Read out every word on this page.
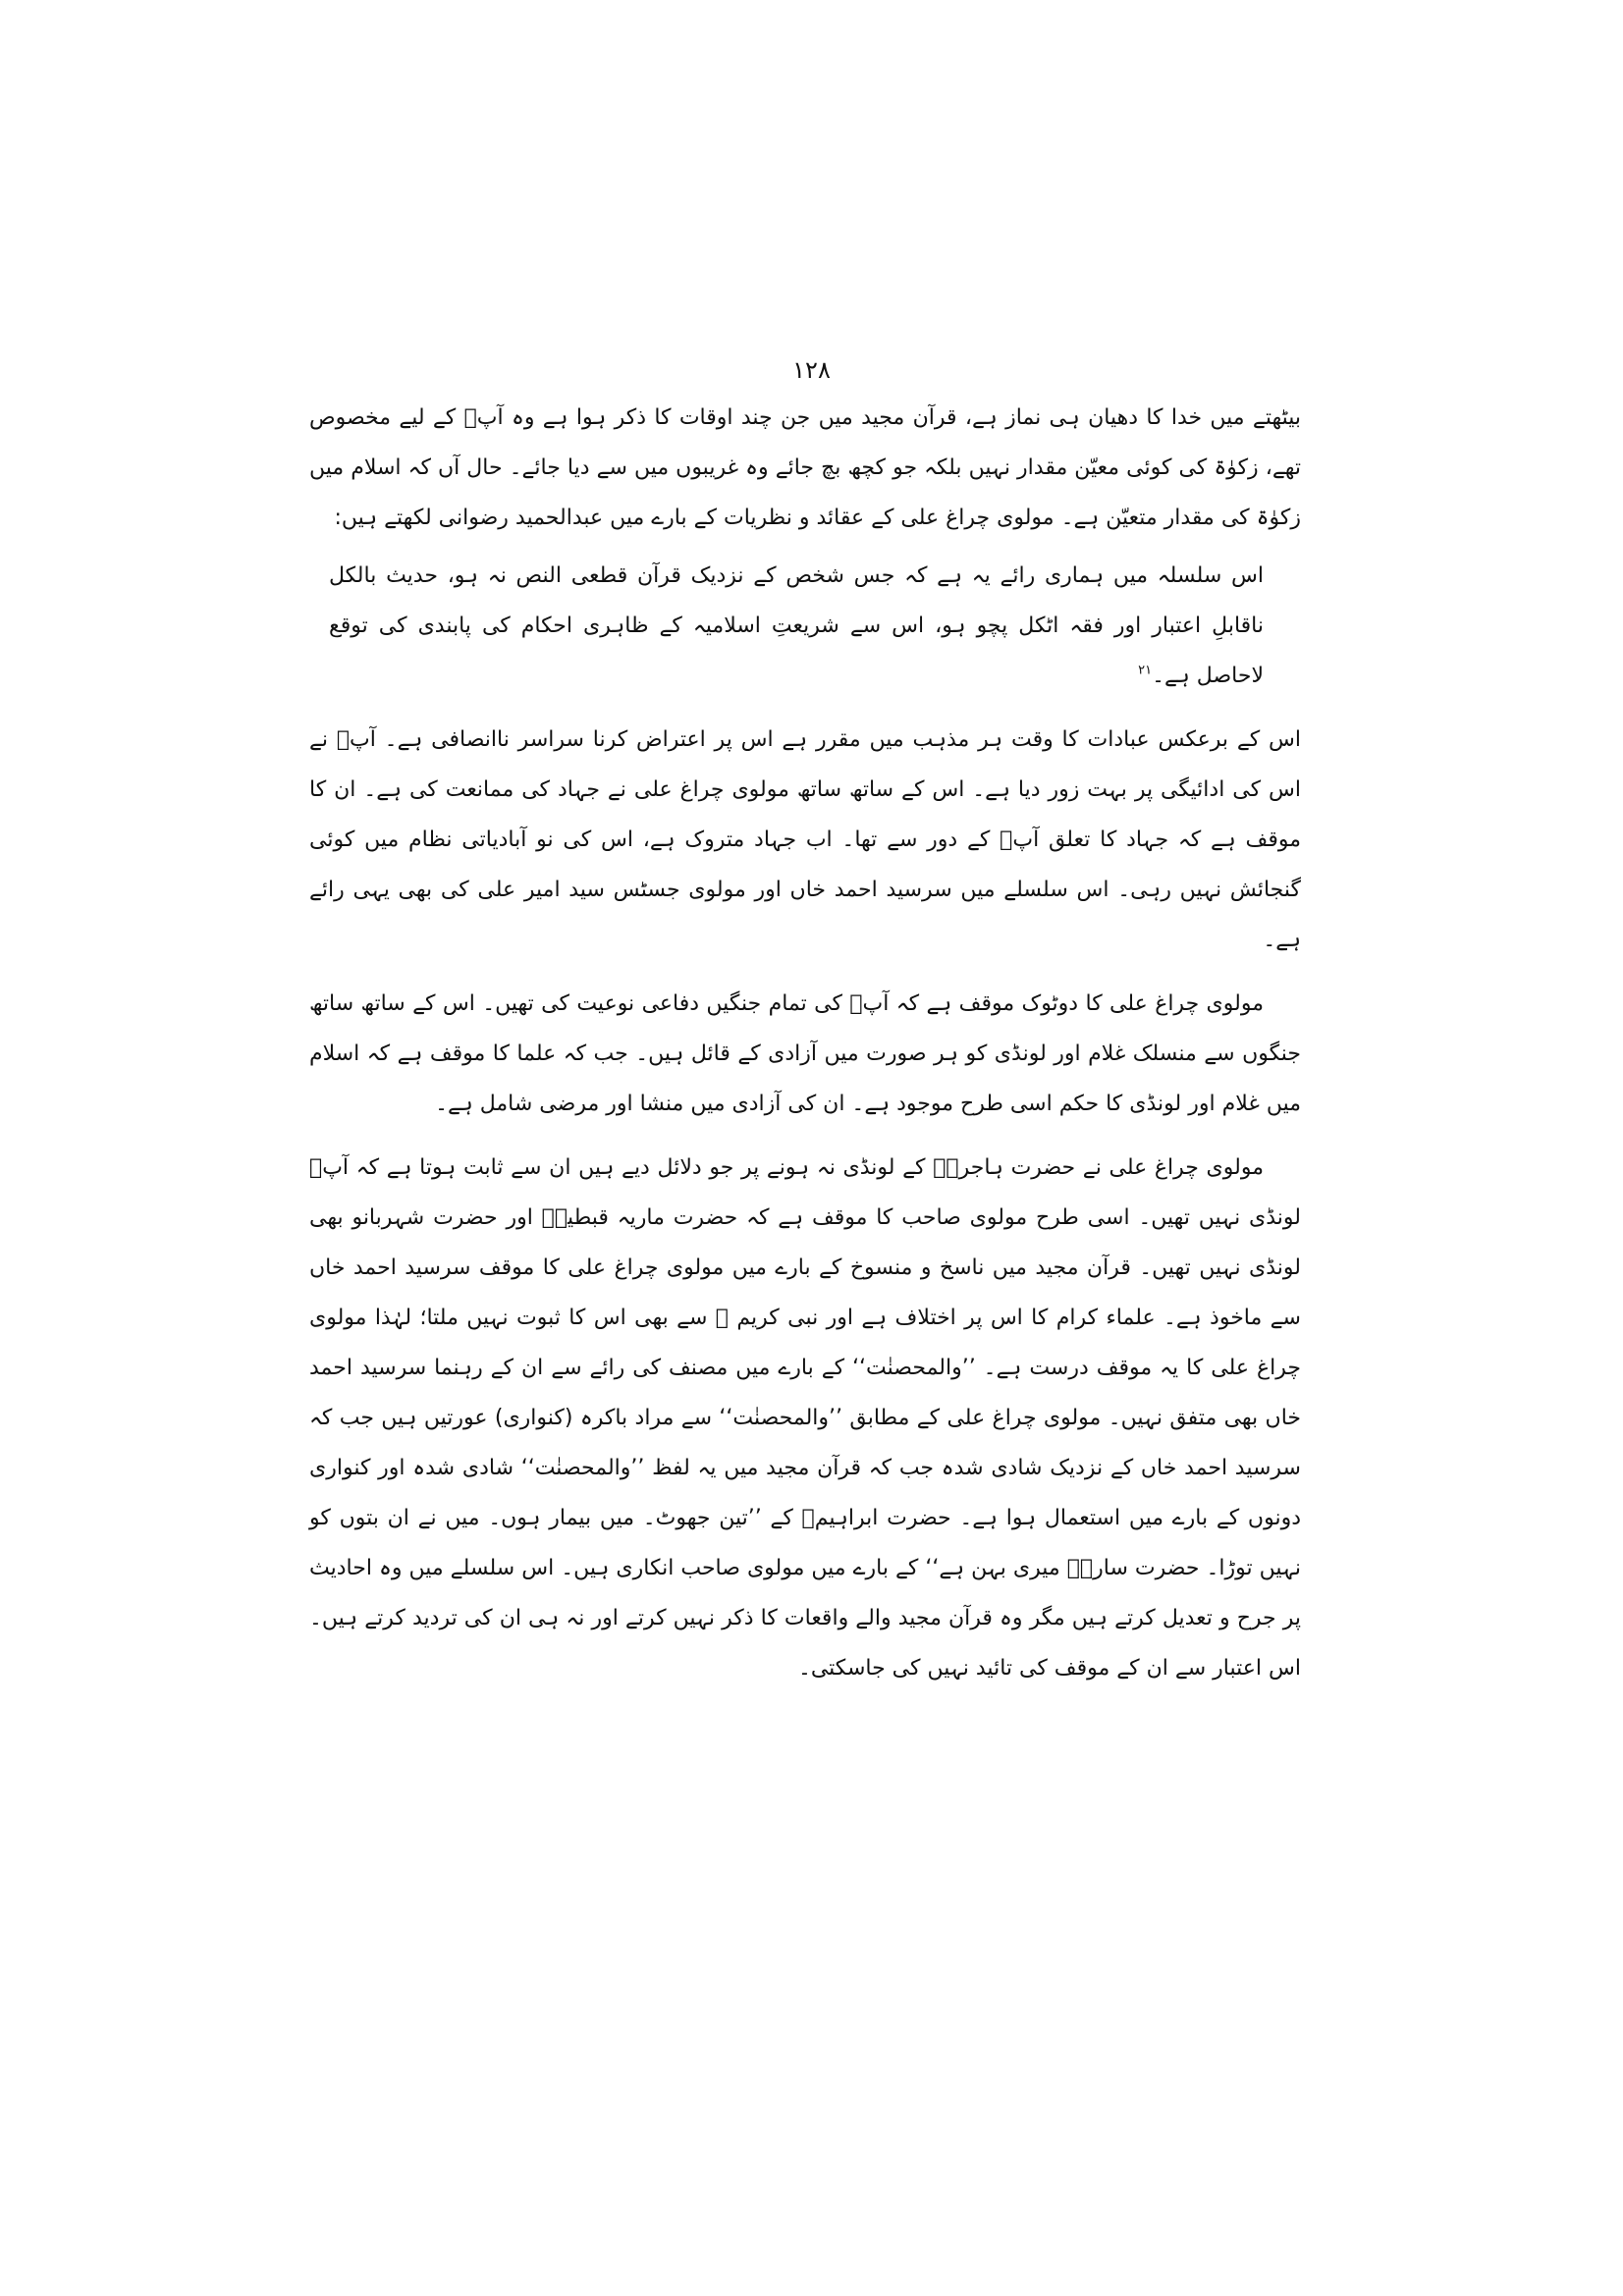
۱۲۸

بیٹھتے میں خدا کا دھیان ہی نماز ہے، قرآن مجید میں جن چند اوقات کا ذکر ہوا ہے وہ آپؐ کے لیے مخصوص تھے، زکوٰۃ کی کوئی معیّن مقدار نہیں بلکہ جو کچھ بچ جائے وہ غریبوں میں سے دیا جائے۔ حال آں کہ اسلام میں زکوٰۃ کی مقدار متعیّن ہے۔ مولوی چراغ علی کے عقائد و نظریات کے بارے میں عبدالحمید رضوانی لکھتے ہیں:

اس سلسلہ میں ہماری رائے یہ ہے کہ جس شخص کے نزدیک قرآن قطعی النص نہ ہو، حدیث بالکل ناقابلِ اعتبار اور فقہ اٹکل پچو ہو، اس سے شریعتِ اسلامیہ کے ظاہری احکام کی پابندی کی توقع لاحاصل ہے۔$^{۲۱}$

اس کے برعکس عبادات کا وقت ہر مذہب میں مقرر ہے اس پر اعتراض کرنا سراسر ناانصافی ہے۔ آپؐ نے اس کی ادائیگی پر بہت زور دیا ہے۔ اس کے ساتھ ساتھ مولوی چراغ علی نے جہاد کی ممانعت کی ہے۔ ان کا موقف ہے کہ جہاد کا تعلق آپؐ کے دور سے تھا۔ اب جہاد متروک ہے، اس کی نو آبادیاتی نظام میں کوئی گنجائش نہیں رہی۔ اس سلسلے میں سرسید احمد خاں اور مولوی جسٹس سید امیر علی کی بھی یہی رائے ہے۔

مولوی چراغ علی کا دوٹوک موقف ہے کہ آپؐ کی تمام جنگیں دفاعی نوعیت کی تھیں۔ اس کے ساتھ ساتھ جنگوں سے منسلک غلام اور لونڈی کو ہر صورت میں آزادی کے قائل ہیں۔ جب کہ علما کا موقف ہے کہ اسلام میں غلام اور لونڈی کا حکم اسی طرح موجود ہے۔ ان کی آزادی میں منشا اور مرضی شامل ہے۔

مولوی چراغ علی نے حضرت ہاجرہؓ کے لونڈی نہ ہونے پر جو دلائل دیے ہیں ان سے ثابت ہوتا ہے کہ آپؑ لونڈی نہیں تھیں۔ اسی طرح مولوی صاحب کا موقف ہے کہ حضرت ماریہ قبطیہؓ اور حضرت شہربانو بھی لونڈی نہیں تھیں۔ قرآن مجید میں ناسخ و منسوخ کے بارے میں مولوی چراغ علی کا موقف سرسید احمد خاں سے ماخوذ ہے۔ علماء کرام کا اس پر اختلاف ہے اور نبی کریم ﷺ سے بھی اس کا ثبوت نہیں ملتا؛ لہٰذا مولوی چراغ علی کا یہ موقف درست ہے۔ ’’والمحصنٰت‘‘ کے بارے میں مصنف کی رائے سے ان کے رہنما سرسید احمد خاں بھی متفق نہیں۔ مولوی چراغ علی کے مطابق ’’والمحصنٰت‘‘ سے مراد باکرہ (کنواری) عورتیں ہیں جب کہ سرسید احمد خاں کے نزدیک شادی شدہ جب کہ قرآن مجید میں یہ لفظ ’’والمحصنٰت‘‘ شادی شدہ اور کنواری دونوں کے بارے میں استعمال ہوا ہے۔ حضرت ابراہیمؑ کے ’’تین جھوٹ۔ میں بیمار ہوں۔ میں نے ان بتوں کو نہیں توڑا۔ حضرت سارہؑ میری بہن ہے‘‘ کے بارے میں مولوی صاحب انکاری ہیں۔ اس سلسلے میں وہ احادیث پر جرح و تعدیل کرتے ہیں مگر وہ قرآن مجید والے واقعات کا ذکر نہیں کرتے اور نہ ہی ان کی تردید کرتے ہیں۔ اس اعتبار سے ان کے موقف کی تائید نہیں کی جاسکتی۔
